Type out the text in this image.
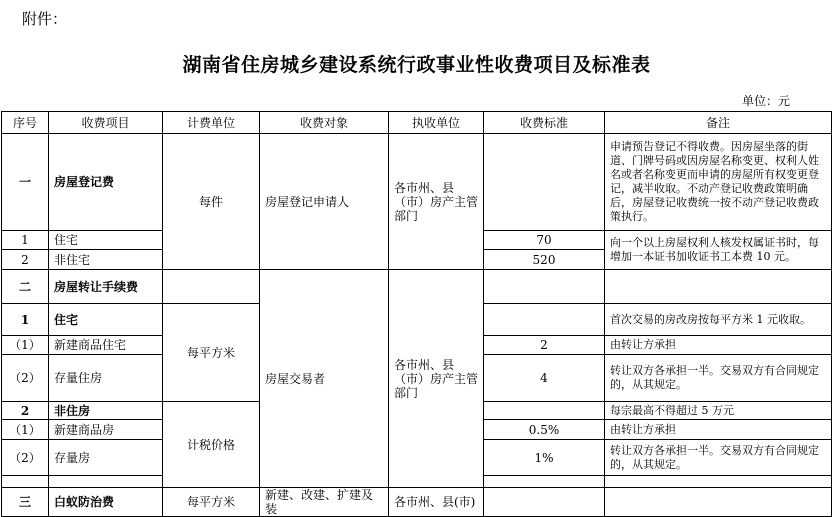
附件：
湖南省住房城乡建设系统行政事业性收费项目及标准表
单位：元
序号	收费项目	计费单位	收费对象	执收单位	收费标准	备注
一	房屋登记费	每件	房屋登记申请人	各市州、县（市）房产主管部门		申请预告登记不得收费。因房屋坐落的街道、门牌号码或因房屋名称变更、权利人姓名或者名称变更而申请的房屋所有权变更登记，减半收取。不动产登记收费政策明确后，房屋登记收费统一按不动产登记收费政策执行。
1	住宅				70	向一个以上房屋权利人核发权属证书时，每增加一本证书加收证书工本费 10 元。
2	非住宅				520	
二	房屋转让手续费		房屋交易者	各市州、县（市）房产主管部门		
1	住宅	每平方米				首次交易的房改房按每平方米 1 元收取。
（1）	新建商品住宅				2	由转让方承担
（2）	存量住房				4	转让双方各承担一半。交易双方有合同规定的，从其规定。
2	非住房	计税价格				每宗最高不得超过 5 万元
（1）	新建商品房				0.5%	由转让方承担
（2）	存量房				1%	转让双方各承担一半。交易双方有合同规定的，从其规定。

三	白蚁防治费	每平方米	新建、改建、扩建及装	各市州、县(市)		
